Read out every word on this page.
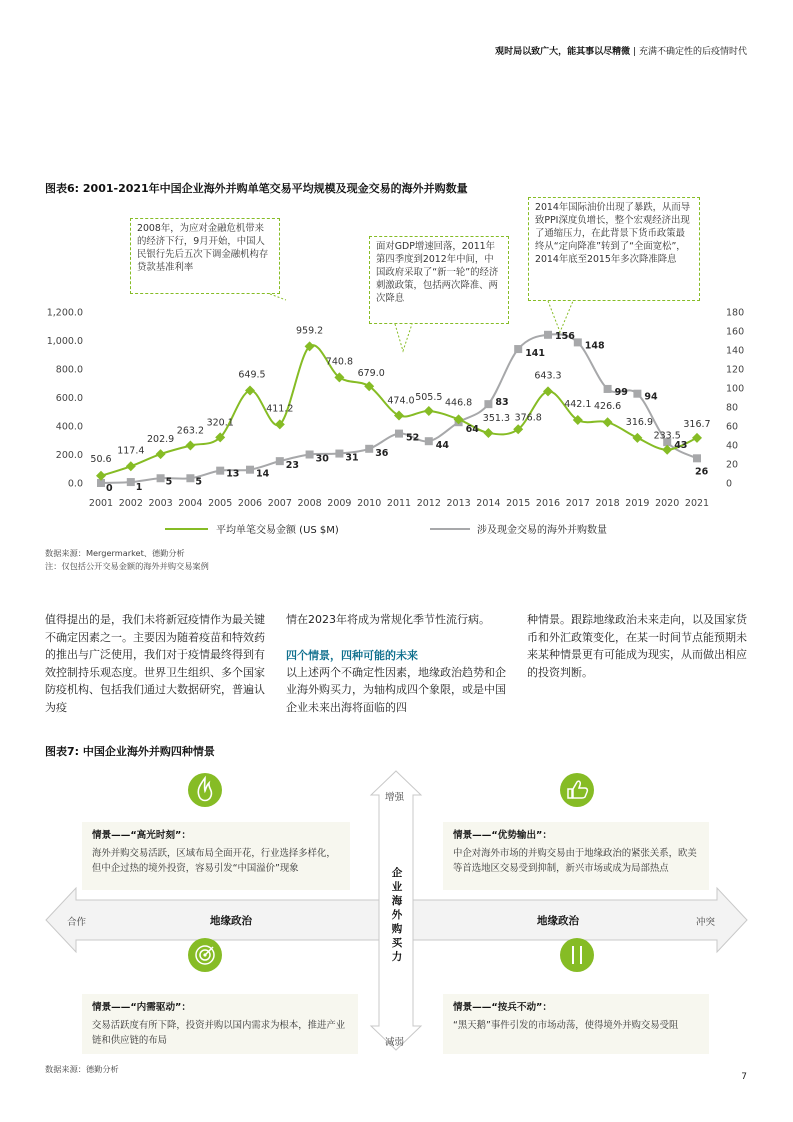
观时局以致广大，能其事以尽精微 | 充满不确定性的后疫情时代
图表6: 2001-2021年中国企业海外并购单笔交易平均规模及现金交易的海外并购数量
2008年，为应对金融危机带来的经济下行，9月开始，中国人民银行先后五次下调金融机构存贷款基准利率
面对GDP增速回落，2011年第四季度到2012年中间，中国政府采取了“新一轮”的经济刺激政策，包括两次降准、两次降息
2014年国际油价出现了暴跌，从而导致PPI深度负增长，整个宏观经济出现了通缩压力，在此背景下货币政策最终从“定向降准”转到了“全面宽松”，2014年底至2015年多次降准降息
0.0
200.0
400.0
600.0
800.0
1,000.0
1,200.0
0
20
40
60
80
100
120
140
160
180
2001 2002 2003 2004 2005 2006 2007 2008 2009 2010 2011 2012 2013 2014 2015 2016 2017 2018 2019 2020 2021
0 1
5 5
13 14
23
30 31 36
52
44
64
83
141
156
148
99 94
43
26
50.6
117.4
202.9
263.2
320.1
649.5
411.2
959.2
740.8
679.0
474.0 505.5 446.8
351.3 376.8
643.3
442.1 426.6
316.9
233.5
316.7
平均单笔交易金额 (US $M)	涉及现金交易的海外并购数量
数据来源：Mergermarket、德勤分析
注：仅包括公开交易金额的海外并购交易案例
值得提出的是，我们未将新冠疫情作为最关键不确定因素之一。主要因为随着疫苗和特效药的推出与广泛使用，我们对于疫情最终得到有效控制持乐观态度。世界卫生组织、多个国家防疫机构、包括我们通过大数据研究，普遍认为疫
情在2023年将成为常规化季节性流行病。
四个情景，四种可能的未来
以上述两个不确定性因素，地缘政治趋势和企业海外购买力，为轴构成四个象限，或是中国企业未来出海将面临的四
种情景。跟踪地缘政治未来走向，以及国家货币和外汇政策变化，在某一时间节点能预期未来某种情景更有可能成为现实，从而做出相应的投资判断。
图表7: 中国企业海外并购四种情景
增强
减弱
合作	冲突
地缘政治	地缘政治
企业海外购买力
情景——“高光时刻”：
海外并购交易活跃，区域布局全面开花，行业选择多样化，但中企过热的境外投资，容易引发“中国溢价”现象
情景——“优势输出”：
中企对海外市场的并购交易由于地缘政治的紧张关系，欧美等首选地区交易受到抑制，新兴市场或成为局部热点
情景——“内需驱动”：
交易活跃度有所下降，投资并购以国内需求为根本，推进产业链和供应链的布局
情景——“按兵不动”：
“黑天鹅”事件引发的市场动荡，使得境外并购交易受阻
数据来源：德勤分析
7
